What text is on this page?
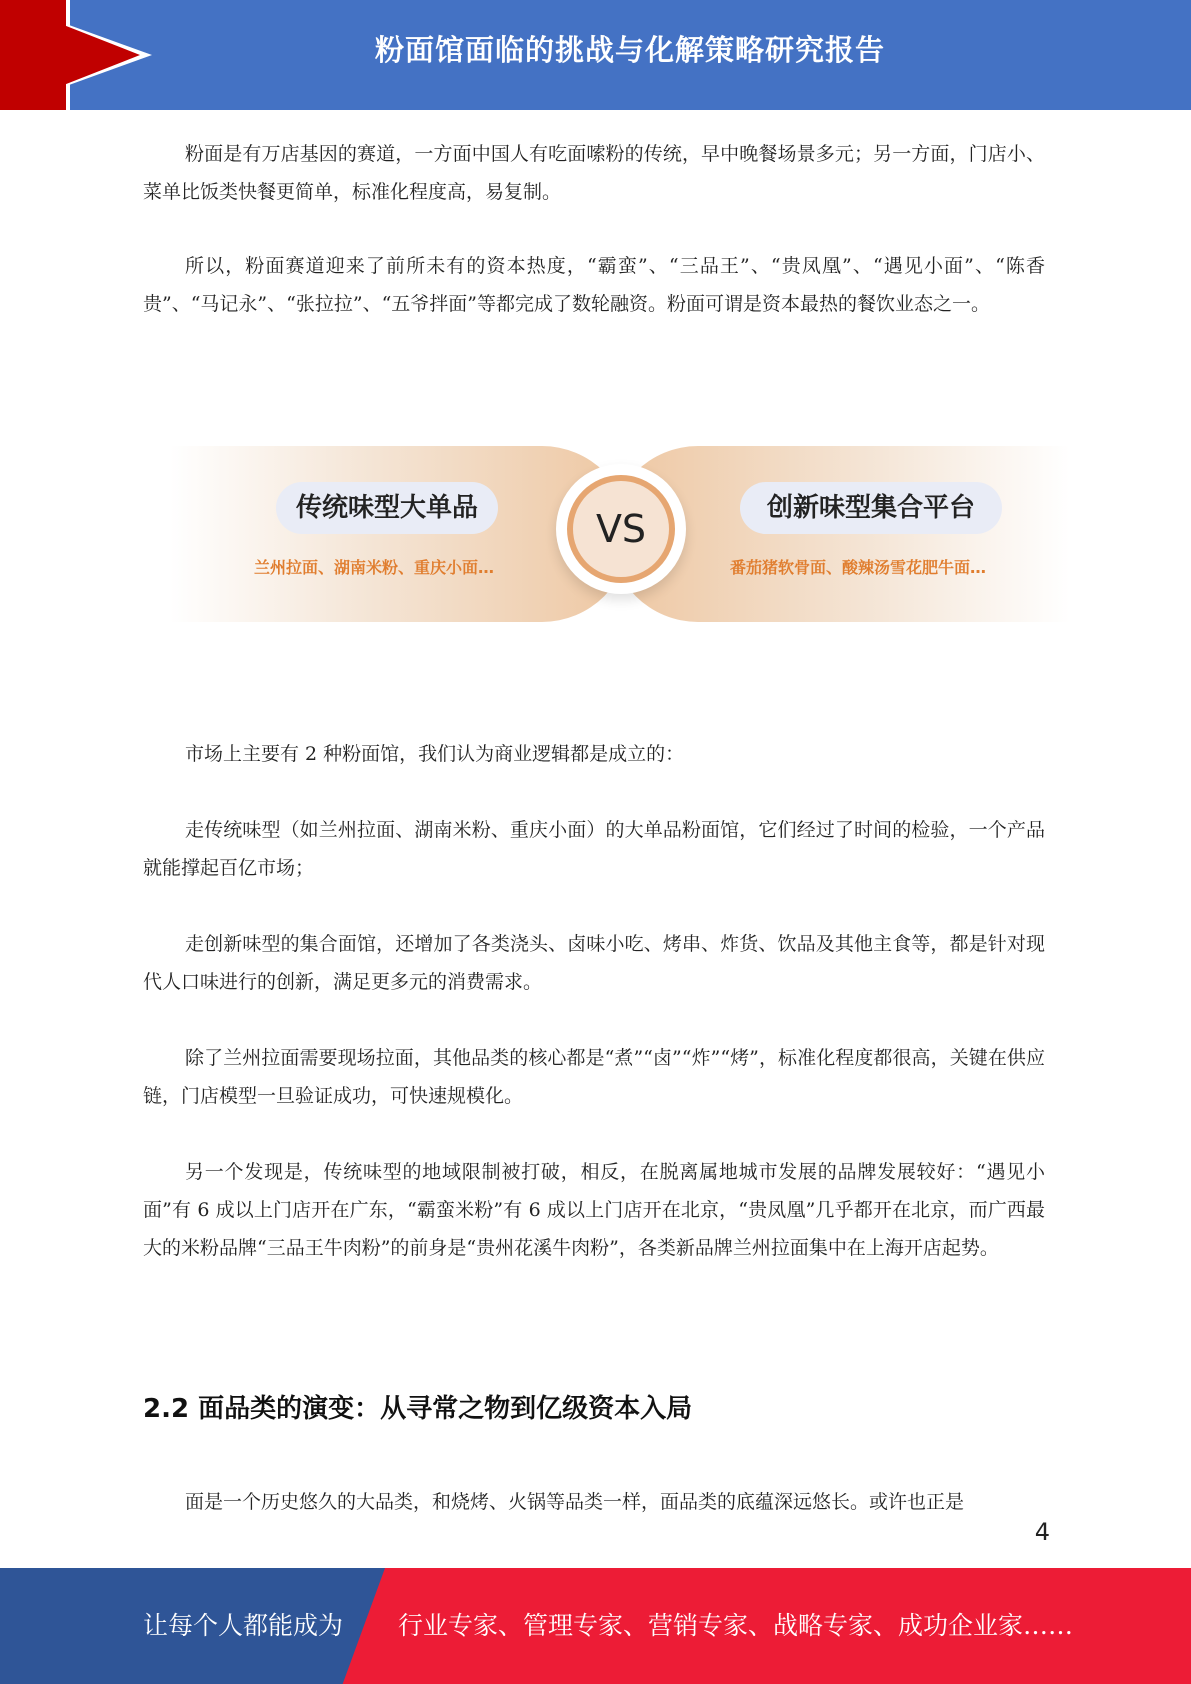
粉面馆面临的挑战与化解策略研究报告

粉面是有万店基因的赛道，一方面中国人有吃面嗦粉的传统，早中晚餐场景多元；另一方面，门店小、菜单比饭类快餐更简单，标准化程度高，易复制。

所以，粉面赛道迎来了前所未有的资本热度，“霸蛮”、“三品王”、“贵凤凰”、“遇见小面”、“陈香贵”、“马记永”、“张拉拉”、“五爷拌面”等都完成了数轮融资。粉面可谓是资本最热的餐饮业态之一。

传统味型大单品
兰州拉面、湖南米粉、重庆小面…
创新味型集合平台
番茄猪软骨面、酸辣汤雪花肥牛面…
VS

市场上主要有 2 种粉面馆，我们认为商业逻辑都是成立的：

走传统味型（如兰州拉面、湖南米粉、重庆小面）的大单品粉面馆，它们经过了时间的检验，一个产品就能撑起百亿市场；

走创新味型的集合面馆，还增加了各类浇头、卤味小吃、烤串、炸货、饮品及其他主食等，都是针对现代人口味进行的创新，满足更多元的消费需求。

除了兰州拉面需要现场拉面，其他品类的核心都是“煮”“卤”“炸”“烤”，标准化程度都很高，关键在供应链，门店模型一旦验证成功，可快速规模化。

另一个发现是，传统味型的地域限制被打破，相反，在脱离属地城市发展的品牌发展较好：“遇见小面”有 6 成以上门店开在广东，“霸蛮米粉”有 6 成以上门店开在北京，“贵凤凰”几乎都开在北京，而广西最大的米粉品牌“三品王牛肉粉”的前身是“贵州花溪牛肉粉”，各类新品牌兰州拉面集中在上海开店起势。

2.2 面品类的演变：从寻常之物到亿级资本入局

面是一个历史悠久的大品类，和烧烤、火锅等品类一样，面品类的底蕴深远悠长。或许也正是

4
让每个人都能成为 行业专家、管理专家、营销专家、战略专家、成功企业家……
